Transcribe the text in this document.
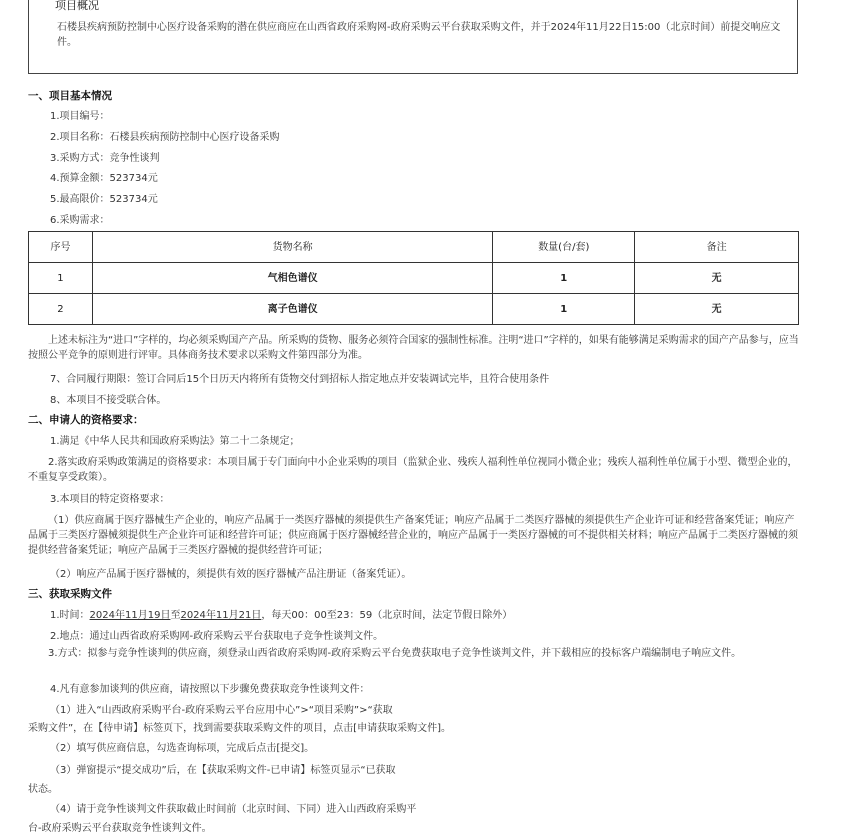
项目概况
石楼县疾病预防控制中心医疗设备采购的潜在供应商应在山西省政府采购网-政府采购云平台获取采购文件，并于2024年11月22日15:00（北京时间）前提交响应文件。
一、项目基本情况
1.项目编号：
2.项目名称：石楼县疾病预防控制中心医疗设备采购
3.采购方式：竞争性谈判
4.预算金额：523734元
5.最高限价：523734元
6.采购需求：
序号	货物名称	数量(台/套)	备注
1	气相色谱仪	1	无
2	离子色谱仪	1	无
上述未标注为“进口”字样的，均必须采购国产产品。所采购的货物、服务必须符合国家的强制性标准。注明“进口”字样的，如果有能够满足采购需求的国产产品参与，应当按照公平竞争的原则进行评审。具体商务技术要求以采购文件第四部分为准。
7、合同履行期限：签订合同后15个日历天内将所有货物交付到招标人指定地点并安装调试完毕，且符合使用条件
8、本项目不接受联合体。
二、申请人的资格要求：
1.满足《中华人民共和国政府采购法》第二十二条规定；
2.落实政府采购政策满足的资格要求：本项目属于专门面向中小企业采购的项目（监狱企业、残疾人福利性单位视同小微企业；残疾人福利性单位属于小型、微型企业的，不重复享受政策）。
3.本项目的特定资格要求：
（1）供应商属于医疗器械生产企业的，响应产品属于一类医疗器械的须提供生产备案凭证；响应产品属于二类医疗器械的须提供生产企业许可证和经营备案凭证；响应产品属于三类医疗器械须提供生产企业许可证和经营许可证；供应商属于医疗器械经营企业的，响应产品属于一类医疗器械的可不提供相关材料；响应产品属于二类医疗器械的须提供经营备案凭证；响应产品属于三类医疗器械的提供经营许可证；
（2）响应产品属于医疗器械的，须提供有效的医疗器械产品注册证（备案凭证）。
三、获取采购文件
1.时间：2024年11月19日至2024年11月21日，每天00：00至23：59（北京时间，法定节假日除外）
2.地点：通过山西省政府采购网-政府采购云平台获取电子竞争性谈判文件。
3.方式：拟参与竞争性谈判的供应商，须登录山西省政府采购网-政府采购云平台免费获取电子竞争性谈判文件，并下载相应的投标客户端编制电子响应文件。
4.凡有意参加谈判的供应商，请按照以下步骤免费获取竞争性谈判文件：
（1）进入“山西政府采购平台-政府采购云平台应用中心”>“项目采购”>“获取
采购文件”，在【待申请】标签页下，找到需要获取采购文件的项目，点击[申请获取采购文件]。
（2）填写供应商信息，勾选查询标项，完成后点击[提交]。
（3）弹窗提示“提交成功”后，在【获取采购文件-已申请】标签页显示“已获取
状态。
（4）请于竞争性谈判文件获取截止时间前（北京时间、下同）进入山西政府采购平
台-政府采购云平台获取竞争性谈判文件。
